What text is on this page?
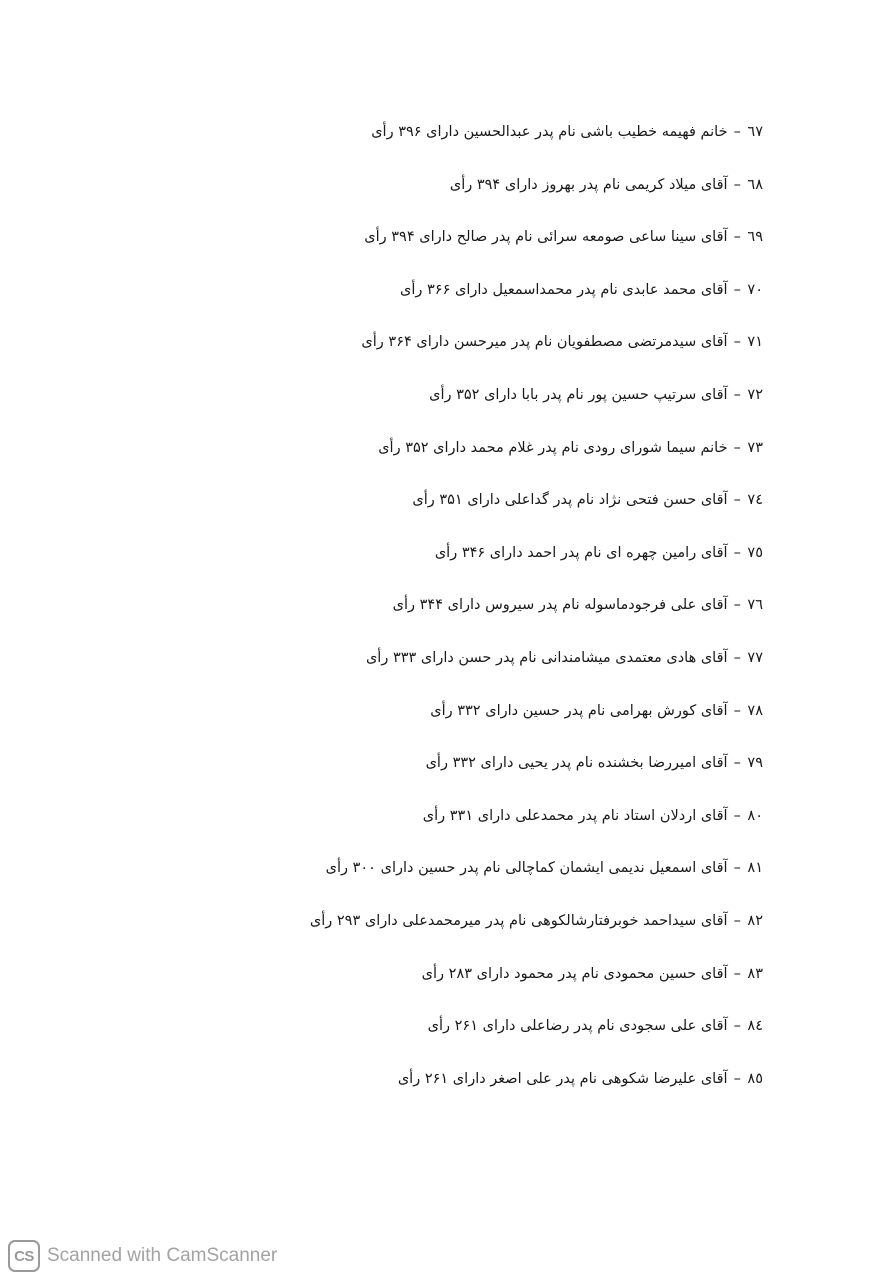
٦٧ –خانم فهیمه خطیب باشی نام پدر عبدالحسین دارای ۳۹۶ رأی
٦٨ –آقای میلاد کریمی نام پدر بهروز دارای ۳۹۴ رأی
٦٩ –آقای سینا ساعی صومعه سرائی نام پدر صالح دارای ۳۹۴ رأی
٧٠ –آقای محمد عابدی نام پدر محمداسمعیل دارای ۳۶۶ رأی
٧١ –آقای سیدمرتضی مصطفویان نام پدر میرحسن دارای ۳۶۴ رأی
٧٢ –آقای سرتیپ حسین پور نام پدر بابا دارای ۳۵۲ رأی
٧٣ –خانم سیما شورای رودی نام پدر غلام محمد دارای ۳۵۲ رأی
٧٤ –آقای حسن فتحی نژاد نام پدر گداعلی دارای ۳۵۱ رأی
٧٥ –آقای رامین چهره ای نام پدر احمد دارای ۳۴۶ رأی
٧٦ –آقای علی فرجودماسوله نام پدر سیروس دارای ۳۴۴ رأی
٧٧ –آقای هادی معتمدی میشامندانی نام پدر حسن دارای ۳۳۳ رأی
٧٨ –آقای کورش بهرامی نام پدر حسین دارای ۳۳۲ رأی
٧٩ –آقای امیررضا بخشنده نام پدر یحیی دارای ۳۳۲ رأی
٨٠ –آقای اردلان استاد نام پدر محمدعلی دارای ۳۳۱ رأی
٨١ –آقای اسمعیل ندیمی ایشمان کماچالی نام پدر حسین دارای ۳۰۰ رأی
٨٢ –آقای سیداحمد خوبرفتارشالکوهی نام پدر میرمحمدعلی دارای ۲۹۳ رأی
٨٣ –آقای حسین محمودی نام پدر محمود دارای ۲۸۳ رأی
٨٤ –آقای علی سجودی نام پدر رضاعلی دارای ۲۶۱ رأی
٨٥ –آقای علیرضا شکوهی نام پدر علی اصغر دارای ۲۶۱ رأی
CS Scanned with CamScanner
